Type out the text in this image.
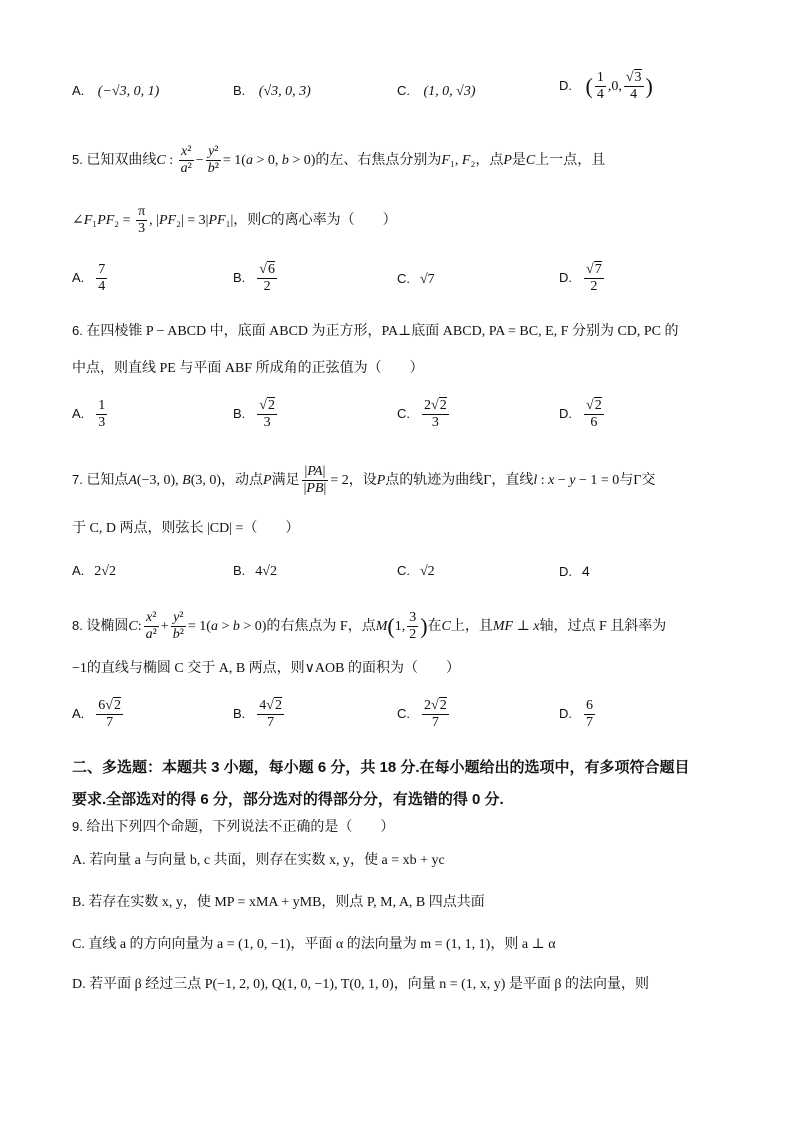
A. (−√3, 0, 1)	B. (√3, 0, 3)	C. (1, 0, √3)	D. ( $\frac{1}{4} ,0$, $\frac{√3}{4}$ )
5. 已知双曲线C : $\frac{\text{x²}}{\text{a²}} - \frac{\text{y²}}{\text{b²}} = 1(a > 0$, b > 0)的左、右焦点分别为F₁, F₂，点P是C上一点，且
∠F₁PF₂ = $\frac{\pi}{3}$ , |PF₂| = 3|PF₁|，则C的离心率为（　　）
A. $\frac{7}{4}$	B. $\frac{√6}{2}$	C. √7	D. $\frac{√7}{2}$
6. 在四棱锥 P − ABCD 中，底面 ABCD 为正方形，PA⊥底面 ABCD, PA = BC, E, F 分别为 CD, PC 的
中点，则直线 PE 与平面 ABF 所成角的正弦值为（　　）
A. $\frac{1}{3}$	B. $\frac{√2}{3}$	C. $\frac{2√2}{3}$	D. $\frac{√2}{6}$
7. 已知点A(−3, 0), B(3, 0)，动点P满足 $\frac{|PA|}{|PB|} = 2$，设P点的轨迹为曲线Γ，直线l : x − y − 1 = 0与Γ交
于 C, D 两点，则弦长 |CD| =（　　）
A. 2√2	B. 4√2	C. √2	D. 4
8. 设椭圆C: $\frac{\text{x²}}{\text{a²}} + \frac{\text{y²}}{\text{b²}} = 1(a > b > 0)$的右焦点为 F，点M(1, $\frac{3}{2}$ )在C上，且MF ⊥ x轴，过点 F 且斜率为
−1的直线与椭圆 C 交于 A, B 两点，则∨AOB 的面积为（　　）
A. $\frac{6√2}{7}$	B. $\frac{4√2}{7}$	C. $\frac{2√2}{7}$	D. $\frac{6}{7}$
二、多选题：本题共 3 小题，每小题 6 分，共 18 分.在每小题给出的选项中，有多项符合题目
要求.全部选对的得 6 分，部分选对的得部分分，有选错的得 0 分.
9. 给出下列四个命题，下列说法不正确的是（　　）
A. 若向量 a 与向量 b, c 共面，则存在实数 x, y，使 a = xb + yc
B. 若存在实数 x, y，使 MP = xMA + yMB，则点 P, M, A, B 四点共面
C. 直线 a 的方向向量为 a = (1, 0, −1)，平面 α 的法向量为 m = (1, 1, 1)，则 a ⊥ α
D. 若平面 β 经过三点 P(−1, 2, 0), Q(1, 0, −1), T(0, 1, 0)，向量 n = (1, x, y) 是平面 β 的法向量，则
